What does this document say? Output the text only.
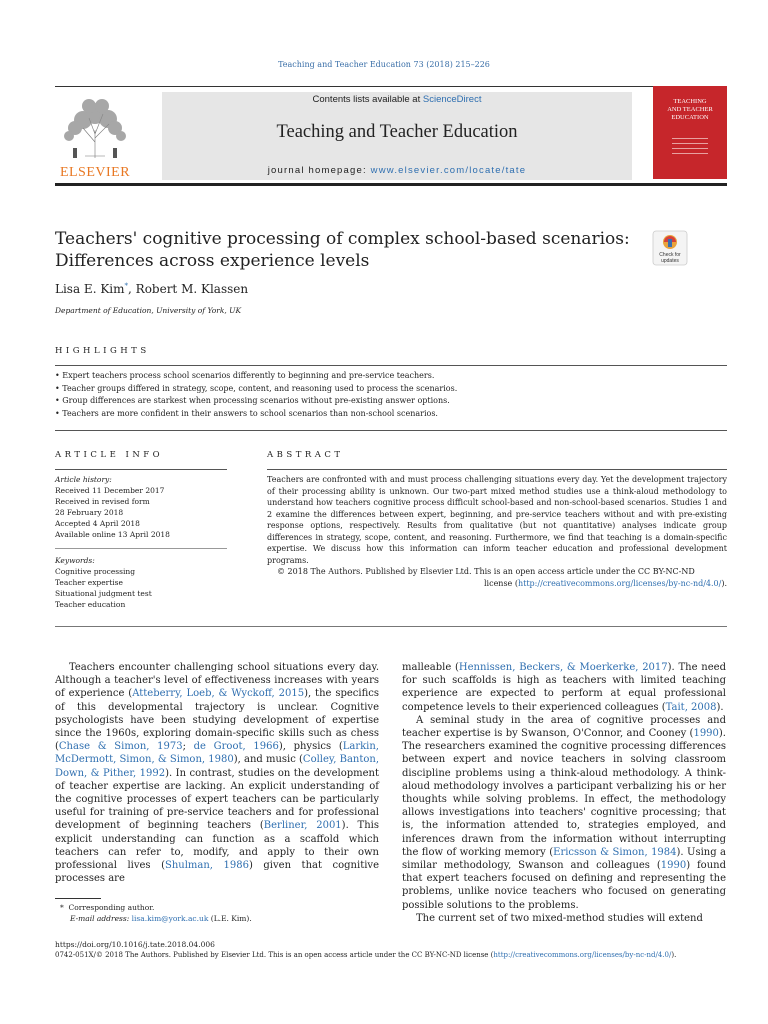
Teaching and Teacher Education 73 (2018) 215–226
ELSEVIER
Contents lists available at ScienceDirect
Teaching and Teacher Education
journal homepage: www.elsevier.com/locate/tate
TEACHING
AND TEACHER
EDUCATION
Teachers' cognitive processing of complex school-based scenarios:
Differences across experience levels	Check for
updates
Lisa E. Kim*, Robert M. Klassen
Department of Education, University of York, UK
HIGHLIGHTS
• Expert teachers process school scenarios differently to beginning and pre-service teachers.
• Teacher groups differed in strategy, scope, content, and reasoning used to process the scenarios.
• Group differences are starkest when processing scenarios without pre-existing answer options.
• Teachers are more confident in their answers to school scenarios than non-school scenarios.
ARTICLE INFO
Article history:
Received 11 December 2017
Received in revised form
28 February 2018
Accepted 4 April 2018
Available online 13 April 2018
Keywords:
Cognitive processing
Teacher expertise
Situational judgment test
Teacher education
ABSTRACT
Teachers are confronted with and must process challenging situations every day. Yet the development trajectory of their processing ability is unknown. Our two-part mixed method studies use a think-aloud methodology to understand how teachers cognitive process difficult school-based and non-school-based scenarios. Studies 1 and 2 examine the differences between expert, beginning, and pre-service teachers without and with pre-existing response options, respectively. Results from qualitative (but not quantitative) analyses indicate group differences in strategy, scope, content, and reasoning. Furthermore, we find that teaching is a domain-specific expertise. We discuss how this information can inform teacher education and professional development programs.
© 2018 The Authors. Published by Elsevier Ltd. This is an open access article under the CC BY-NC-ND
license (http://creativecommons.org/licenses/by-nc-nd/4.0/).
Teachers encounter challenging school situations every day. Although a teacher's level of effectiveness increases with years of experience (Atteberry, Loeb, & Wyckoff, 2015), the specifics of this developmental trajectory is unclear. Cognitive psychologists have been studying development of expertise since the 1960s, exploring domain-specific skills such as chess (Chase & Simon, 1973; de Groot, 1966), physics (Larkin, McDermott, Simon, & Simon, 1980), and music (Colley, Banton, Down, & Pither, 1992). In contrast, studies on the development of teacher expertise are lacking. An explicit understanding of the cognitive processes of expert teachers can be particularly useful for training of pre-service teachers and for professional development of beginning teachers (Berliner, 2001). This explicit understanding can function as a scaffold which teachers can refer to, modify, and apply to their own professional lives (Shulman, 1986) given that cognitive processes are
malleable (Hennissen, Beckers, & Moerkerke, 2017). The need for such scaffolds is high as teachers with limited teaching experience are expected to perform at equal professional competence levels to their experienced colleagues (Tait, 2008).
A seminal study in the area of cognitive processes and teacher expertise is by Swanson, O'Connor, and Cooney (1990). The researchers examined the cognitive processing differences between expert and novice teachers in solving classroom discipline problems using a think-aloud methodology. A think-aloud methodology involves a participant verbalizing his or her thoughts while solving problems. In effect, the methodology allows investigations into teachers' cognitive processing; that is, the information attended to, strategies employed, and inferences drawn from the information without interrupting the flow of working memory (Ericsson & Simon, 1984). Using a similar methodology, Swanson and colleagues (1990) found that expert teachers focused on defining and representing the problems, unlike novice teachers who focused on generating possible solutions to the problems.
The current set of two mixed-method studies will extend
* Corresponding author.
E-mail address: lisa.kim@york.ac.uk (L.E. Kim).
https://doi.org/10.1016/j.tate.2018.04.006
0742-051X/© 2018 The Authors. Published by Elsevier Ltd. This is an open access article under the CC BY-NC-ND license (http://creativecommons.org/licenses/by-nc-nd/4.0/).
